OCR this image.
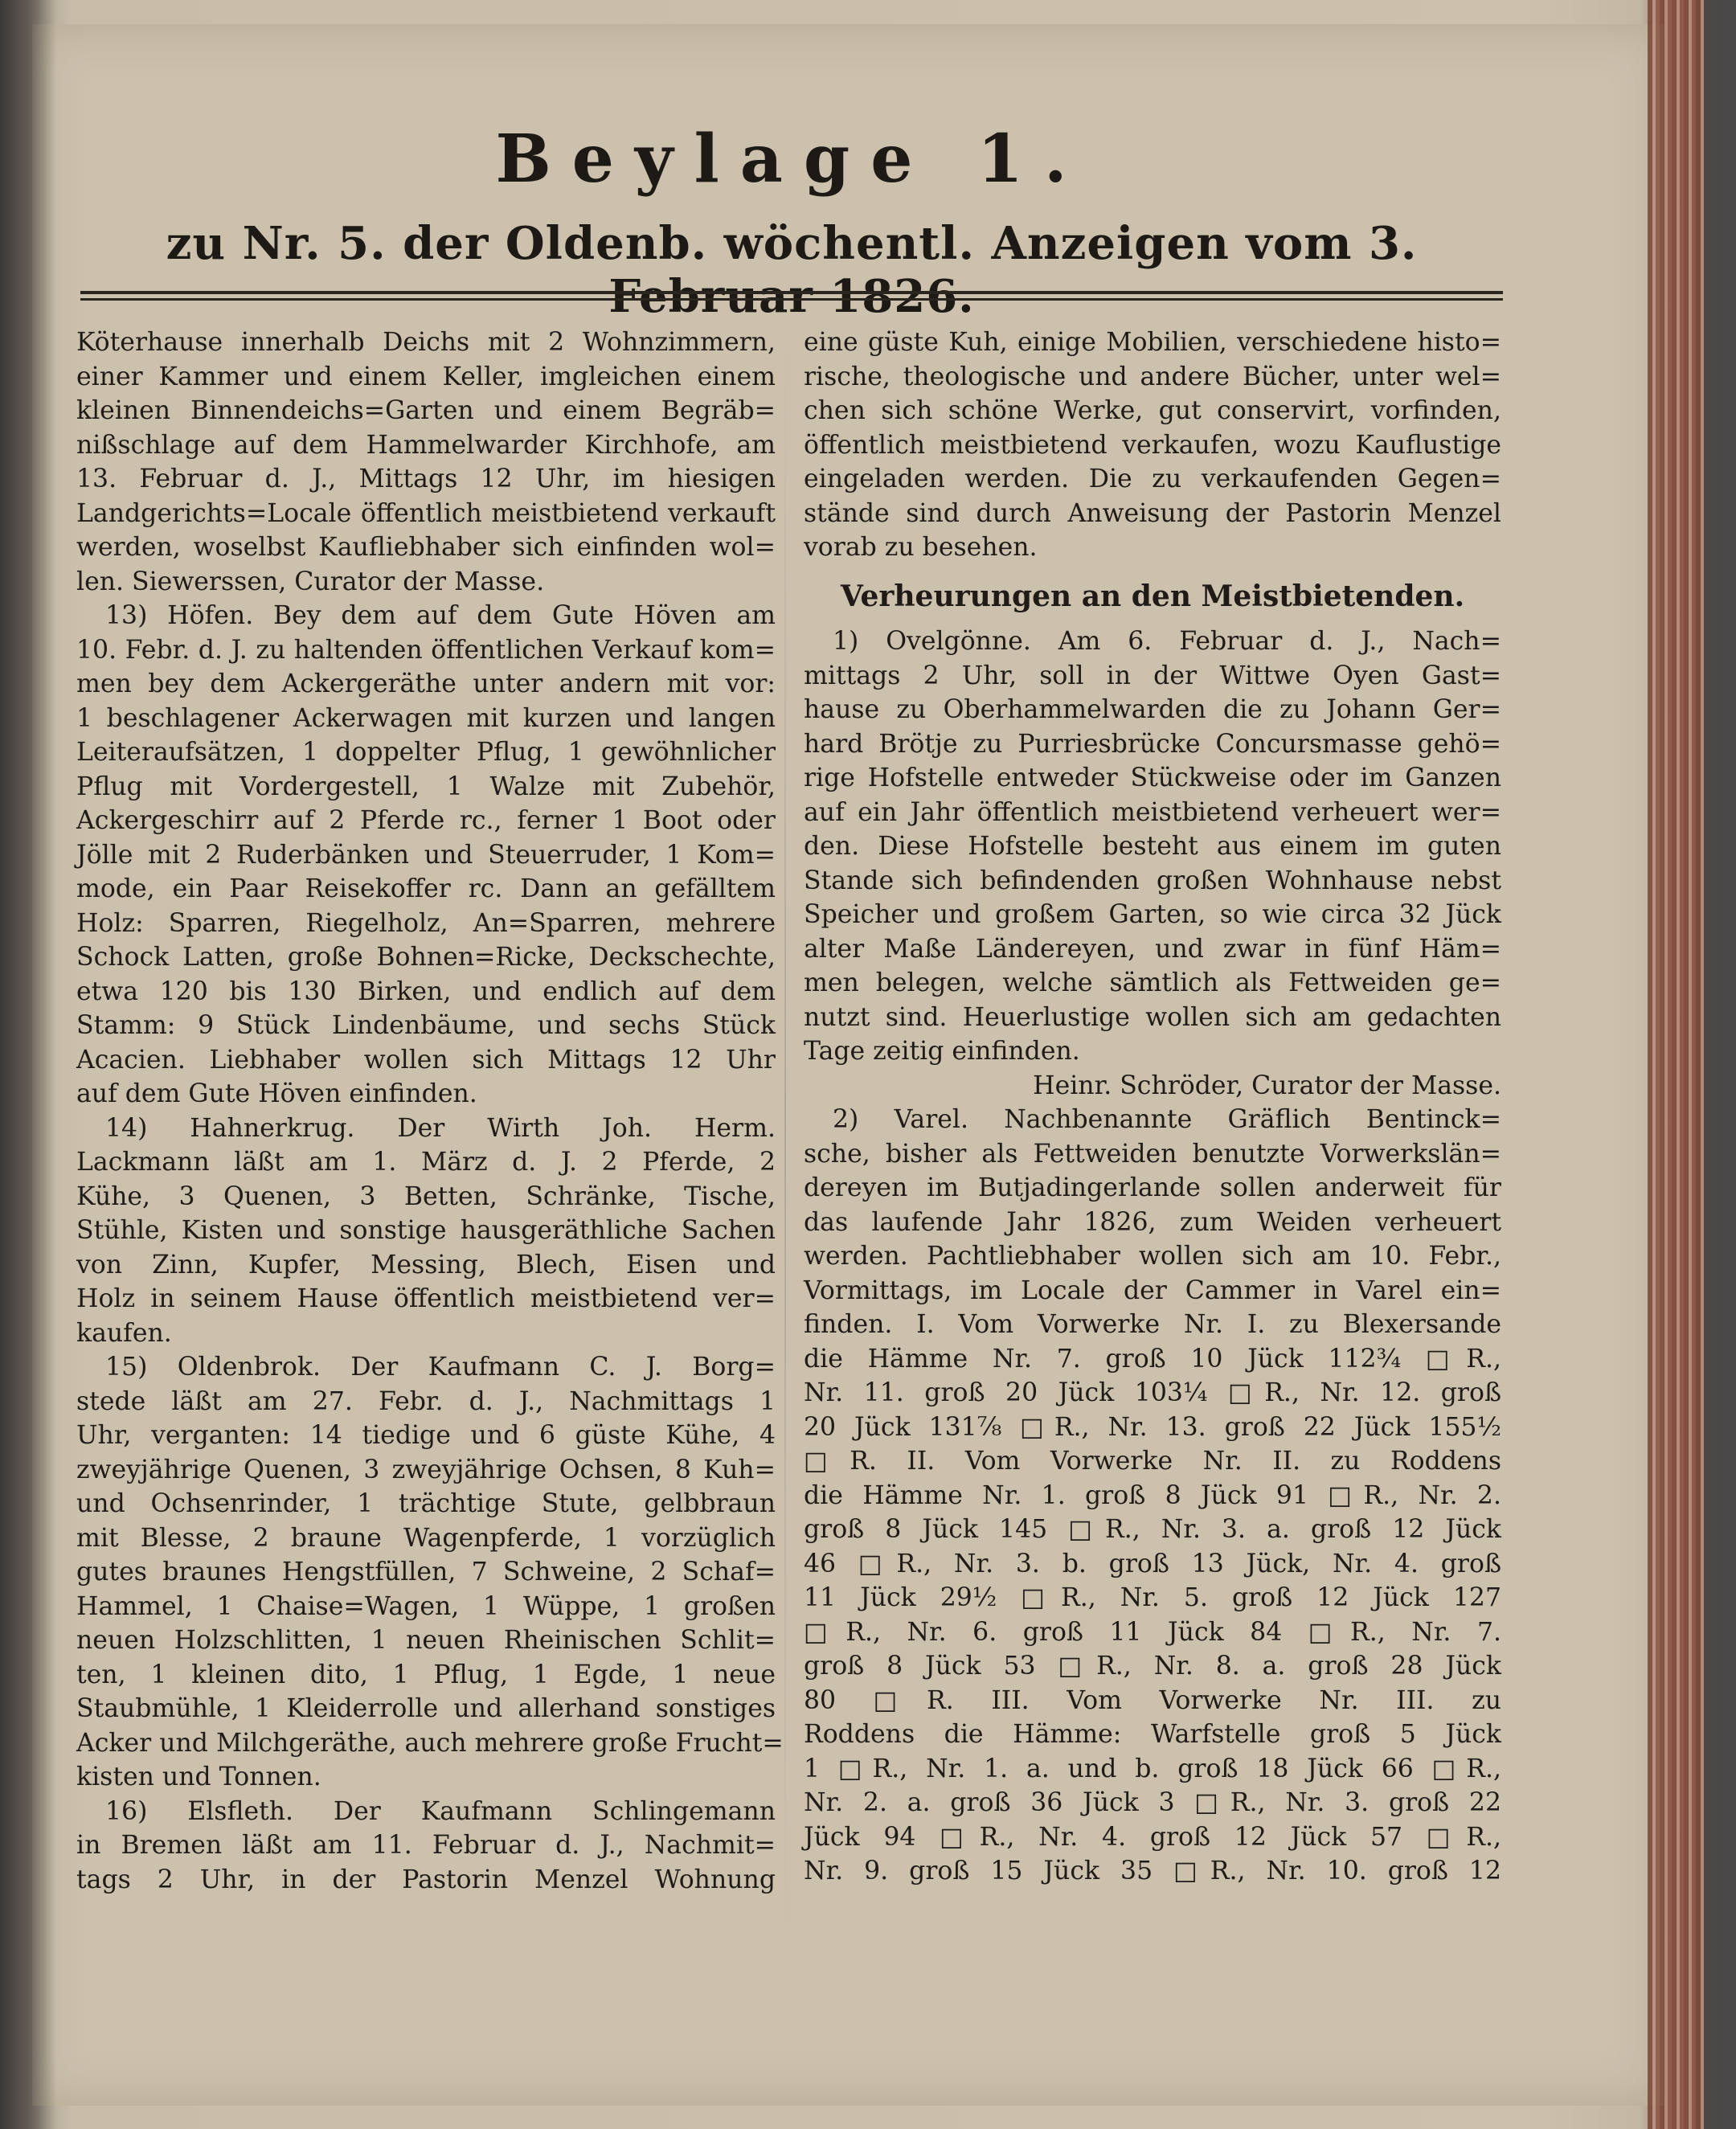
Beylage 1.
zu Nr. 5. der Oldenb. wöchentl. Anzeigen vom 3. Februar 1826.
Köterhause innerhalb Deichs mit 2 Wohnzimmern,
einer Kammer und einem Keller, imgleichen einem
kleinen Binnendeichs=Garten und einem Begräb=
nißschlage auf dem Hammelwarder Kirchhofe, am
13. Februar d. J., Mittags 12 Uhr, im hiesigen
Landgerichts=Locale öffentlich meistbietend verkauft
werden, woselbst Kaufliebhaber sich einfinden wol=
len. Siewerssen, Curator der Masse.
13) Höfen. Bey dem auf dem Gute Höven am
10. Febr. d. J. zu haltenden öffentlichen Verkauf kom=
men bey dem Ackergeräthe unter andern mit vor:
1 beschlagener Ackerwagen mit kurzen und langen
Leiteraufsätzen, 1 doppelter Pflug, 1 gewöhnlicher
Pflug mit Vordergestell, 1 Walze mit Zubehör,
Ackergeschirr auf 2 Pferde rc., ferner 1 Boot oder
Jölle mit 2 Ruderbänken und Steuerruder, 1 Kom=
mode, ein Paar Reisekoffer rc. Dann an gefälltem
Holz: Sparren, Riegelholz, An=Sparren, mehrere
Schock Latten, große Bohnen=Ricke, Deckschechte,
etwa 120 bis 130 Birken, und endlich auf dem
Stamm: 9 Stück Lindenbäume, und sechs Stück
Acacien. Liebhaber wollen sich Mittags 12 Uhr
auf dem Gute Höven einfinden.
14) Hahnerkrug. Der Wirth Joh. Herm.
Lackmann läßt am 1. März d. J. 2 Pferde, 2
Kühe, 3 Quenen, 3 Betten, Schränke, Tische,
Stühle, Kisten und sonstige hausgeräthliche Sachen
von Zinn, Kupfer, Messing, Blech, Eisen und
Holz in seinem Hause öffentlich meistbietend ver=
kaufen.
15) Oldenbrok. Der Kaufmann C. J. Borg=
stede läßt am 27. Febr. d. J., Nachmittags 1
Uhr, verganten: 14 tiedige und 6 güste Kühe, 4
zweyjährige Quenen, 3 zweyjährige Ochsen, 8 Kuh=
und Ochsenrinder, 1 trächtige Stute, gelbbraun
mit Blesse, 2 braune Wagenpferde, 1 vorzüglich
gutes braunes Hengstfüllen, 7 Schweine, 2 Schaf=
Hammel, 1 Chaise=Wagen, 1 Wüppe, 1 großen
neuen Holzschlitten, 1 neuen Rheinischen Schlit=
ten, 1 kleinen dito, 1 Pflug, 1 Egde, 1 neue
Staubmühle, 1 Kleiderrolle und allerhand sonstiges
Acker und Milchgeräthe, auch mehrere große Frucht=
kisten und Tonnen.
16) Elsfleth. Der Kaufmann Schlingemann
in Bremen läßt am 11. Februar d. J., Nachmit=
tags 2 Uhr, in der Pastorin Menzel Wohnung
eine güste Kuh, einige Mobilien, verschiedene histo=
rische, theologische und andere Bücher, unter wel=
chen sich schöne Werke, gut conservirt, vorfinden,
öffentlich meistbietend verkaufen, wozu Kauflustige
eingeladen werden. Die zu verkaufenden Gegen=
stände sind durch Anweisung der Pastorin Menzel
vorab zu besehen.
Verheurungen an den Meistbietenden.
1) Ovelgönne. Am 6. Februar d. J., Nach=
mittags 2 Uhr, soll in der Wittwe Oyen Gast=
hause zu Oberhammelwarden die zu Johann Ger=
hard Brötje zu Purriesbrücke Concursmasse gehö=
rige Hofstelle entweder Stückweise oder im Ganzen
auf ein Jahr öffentlich meistbietend verheuert wer=
den. Diese Hofstelle besteht aus einem im guten
Stande sich befindenden großen Wohnhause nebst
Speicher und großem Garten, so wie circa 32 Jück
alter Maße Ländereyen, und zwar in fünf Häm=
men belegen, welche sämtlich als Fettweiden ge=
nutzt sind. Heuerlustige wollen sich am gedachten
Tage zeitig einfinden.
Heinr. Schröder, Curator der Masse.
2) Varel. Nachbenannte Gräflich Bentinck=
sche, bisher als Fettweiden benutzte Vorwerkslän=
dereyen im Butjadingerlande sollen anderweit für
das laufende Jahr 1826, zum Weiden verheuert
werden. Pachtliebhaber wollen sich am 10. Febr.,
Vormittags, im Locale der Cammer in Varel ein=
finden. I. Vom Vorwerke Nr. I. zu Blexersande
die Hämme Nr. 7. groß 10 Jück 112¾ □R.,
Nr. 11. groß 20 Jück 103¼ □R., Nr. 12. groß
20 Jück 131⅞ □R., Nr. 13. groß 22 Jück 155½
□R. II. Vom Vorwerke Nr. II. zu Roddens
die Hämme Nr. 1. groß 8 Jück 91 □R., Nr. 2.
groß 8 Jück 145 □R., Nr. 3. a. groß 12 Jück
46 □R., Nr. 3. b. groß 13 Jück, Nr. 4. groß
11 Jück 29½ □R., Nr. 5. groß 12 Jück 127
□R., Nr. 6. groß 11 Jück 84 □R., Nr. 7.
groß 8 Jück 53 □R., Nr. 8. a. groß 28 Jück
80 □R. III. Vom Vorwerke Nr. III. zu
Roddens die Hämme: Warfstelle groß 5 Jück
1 □R., Nr. 1. a. und b. groß 18 Jück 66 □R.,
Nr. 2. a. groß 36 Jück 3 □R., Nr. 3. groß 22
Jück 94 □R., Nr. 4. groß 12 Jück 57 □R.,
Nr. 9. groß 15 Jück 35 □R., Nr. 10. groß 12
